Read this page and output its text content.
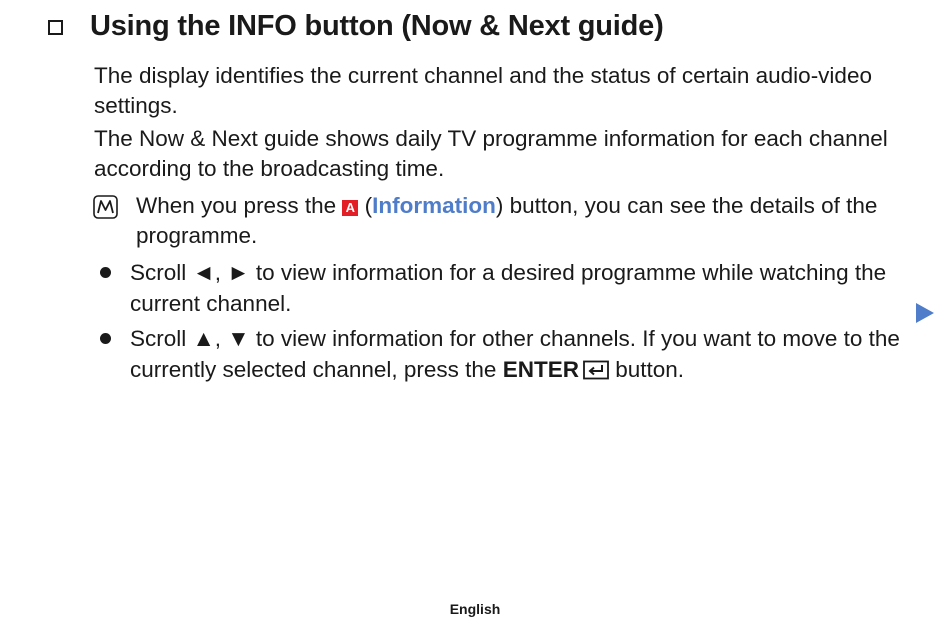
Using the INFO button (Now & Next guide)

The display identifies the current channel and the status of certain audio-video settings.

The Now & Next guide shows daily TV programme information for each channel according to the broadcasting time.

When you press the A (Information) button, you can see the details of the programme.

Scroll ◄, ► to view information for a desired programme while watching the current channel.

Scroll ▲, ▼ to view information for other channels. If you want to move to the currently selected channel, press the ENTER button.

English
